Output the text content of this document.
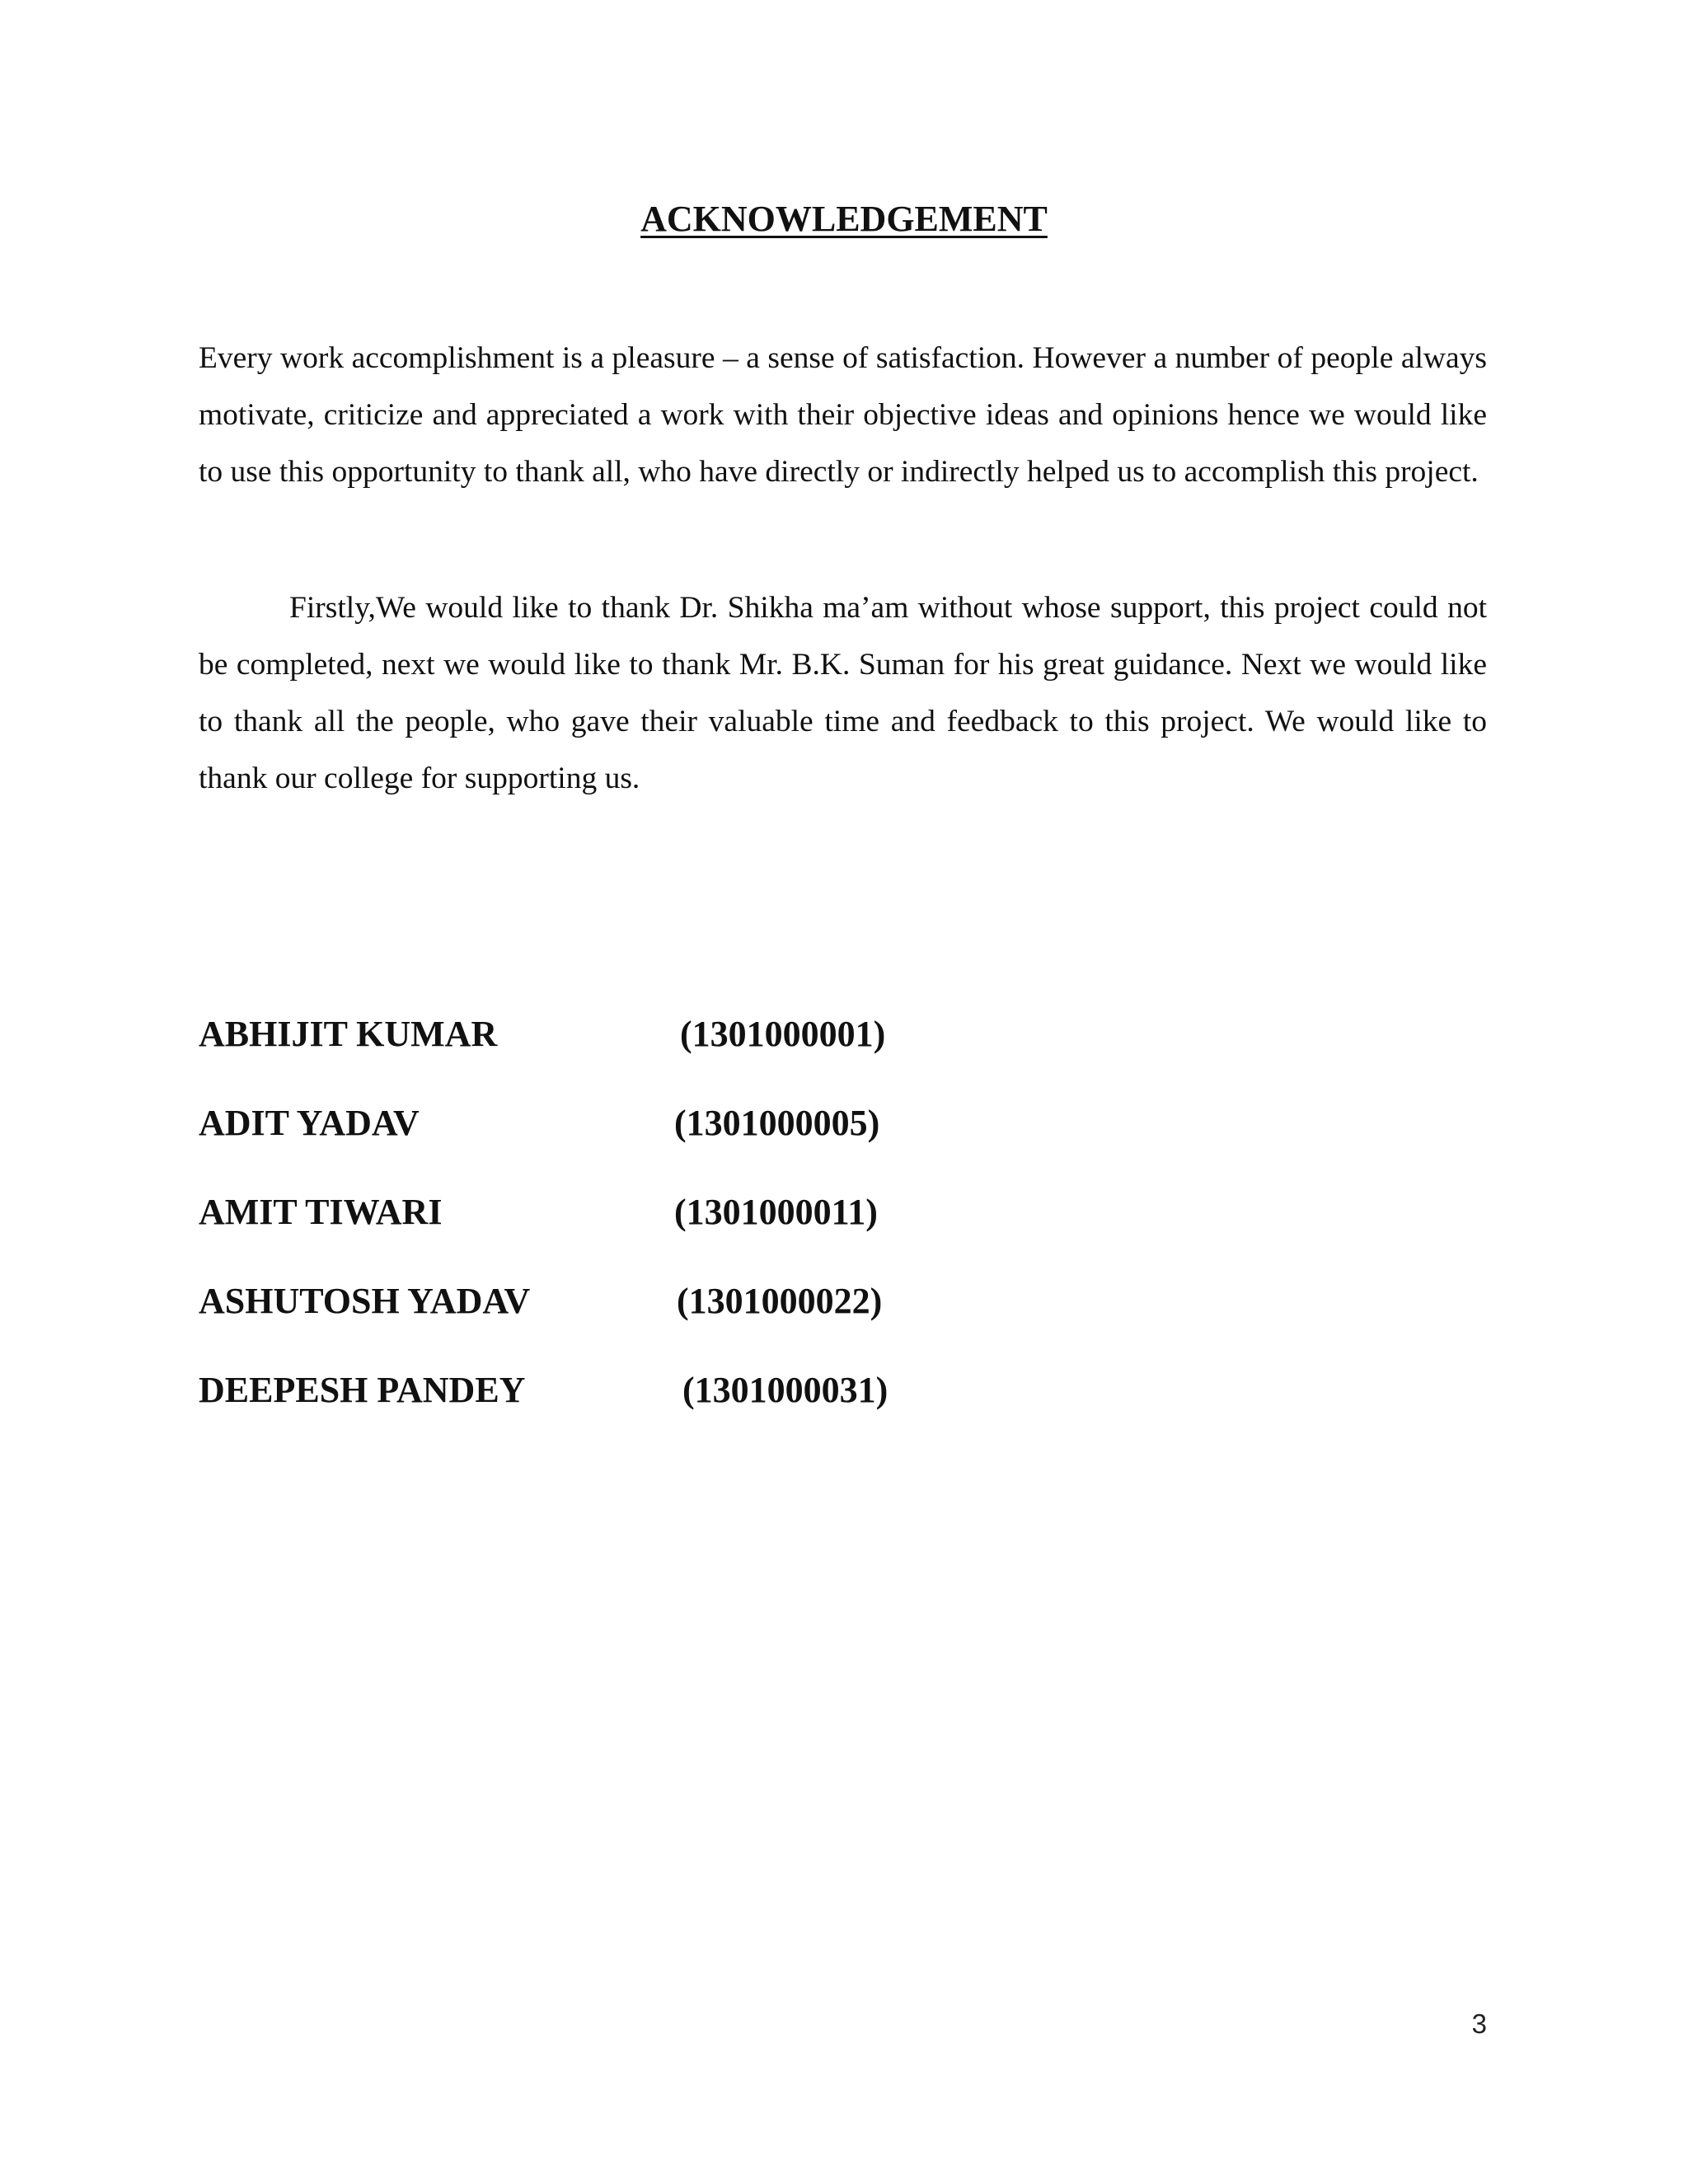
ACKNOWLEDGEMENT

Every work accomplishment is a pleasure – a sense of satisfaction. However a number of people always motivate, criticize and appreciated a work with their objective ideas and opinions hence we would like to use this opportunity to thank all, who have directly or indirectly helped us to accomplish this project.

Firstly,We would like to thank Dr. Shikha ma’am without whose support, this project could not be completed, next we would like to thank Mr. B.K. Suman for his great guidance. Next we would like to thank all the people, who gave their valuable time and feedback to this project. We would like to thank our college for supporting us.

ABHIJIT KUMAR	(1301000001)
ADIT YADAV	(1301000005)
AMIT TIWARI	(1301000011)
ASHUTOSH YADAV	(1301000022)
DEEPESH PANDEY	(1301000031)
3
